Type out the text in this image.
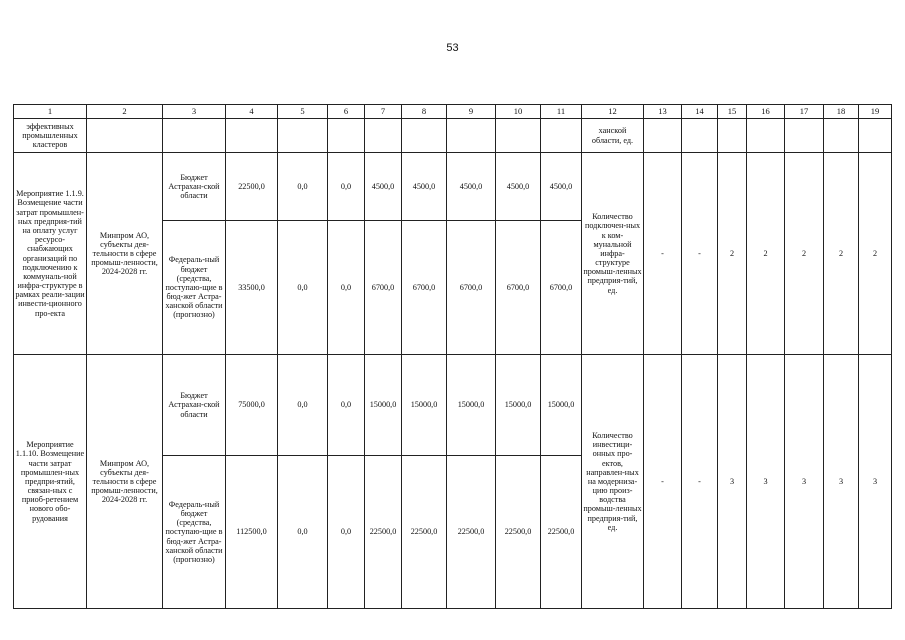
53
1	2	3	4	5	6	7	8	9	10	11	12	13	14	15	16	17	18	19
эффективных промышленных кластеров											ханской области, ед.							
Мероприятие 1.1.9. Возмещение части затрат промышлен-ных предприя-тий на оплату услуг ресурсо-снабжающих организаций по подключению к коммуналь-ной инфра-структуре в рамках реали-зации инвести-ционного про-екта	Минпром АО, субъекты дея-тельности в сфере промыш-ленности, 2024-2028 гг.	Бюджет Астрахан-ской области	22500,0	0,0	0,0	4500,0	4500,0	4500,0	4500,0	4500,0	Количество подключен-ных к ком-мунальной инфра-структуре промыш-ленных предприя-тий, ед.	-	-	2	2	2	2	2
		Федераль-ный бюджет (средства, поступаю-щие в бюд-жет Астра-ханской области (прогнозно)	33500,0	0,0	0,0	6700,0	6700,0	6700,0	6700,0	6700,0								
Мероприятие 1.1.10. Возмещение части затрат промышлен-ных предпри-ятий, связан-ных с приоб-ретением нового обо-рудования	Минпром АО, субъекты дея-тельности в сфере промыш-ленности, 2024-2028 гг.	Бюджет Астрахан-ской области	75000,0	0,0	0,0	15000,0	15000,0	15000,0	15000,0	15000,0	Количество инвестици-онных про-ектов, направлен-ных на модерниза-цию произ-водства промыш-ленных предприя-тий, ед.	-	-	3	3	3	3	3
		Федераль-ный бюджет (средства, поступаю-щие в бюд-жет Астра-ханской области (прогнозно)	112500,0	0,0	0,0	22500,0	22500,0	22500,0	22500,0	22500,0								
